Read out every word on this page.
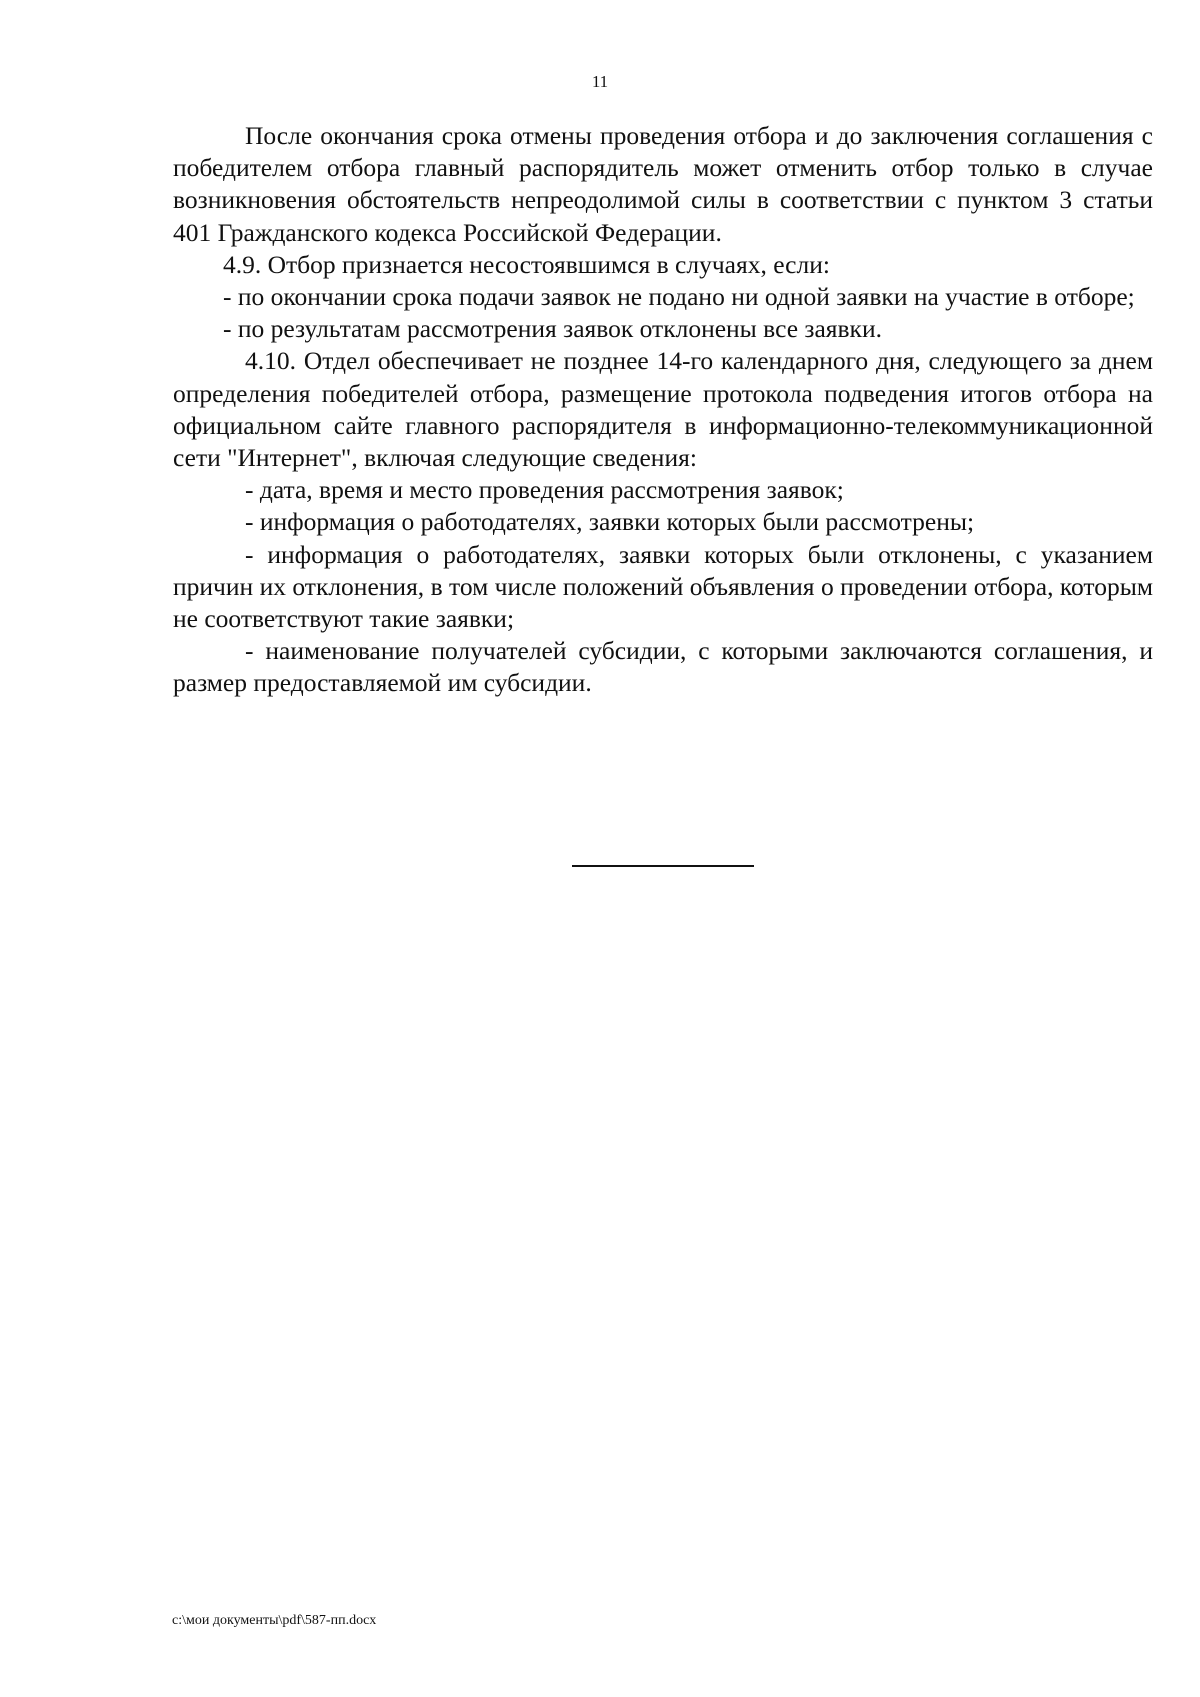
11

После окончания срока отмены проведения отбора и до заключения соглашения с победителем отбора главный распорядитель может отменить отбор только в случае возникновения обстоятельств непреодолимой силы в соответствии с пунктом 3 статьи 401 Гражданского кодекса Российской Федерации.

4.9. Отбор признается несостоявшимся в случаях, если:

- по окончании срока подачи заявок не подано ни одной заявки на участие в отборе;

- по результатам рассмотрения заявок отклонены все заявки.

4.10. Отдел обеспечивает не позднее 14-го календарного дня, следующего за днем определения победителей отбора, размещение протокола подведения итогов отбора на официальном сайте главного распорядителя в информационно-телекоммуникационной сети "Интернет", включая следующие сведения:

- дата, время и место проведения рассмотрения заявок;

- информация о работодателях, заявки которых были рассмотрены;

- информация о работодателях, заявки которых были отклонены, с указанием причин их отклонения, в том числе положений объявления о проведении отбора, которым не соответствуют такие заявки;

- наименование получателей субсидии, с которыми заключаются соглашения, и размер предоставляемой им субсидии.

c:\мои документы\pdf\587-пп.docx
